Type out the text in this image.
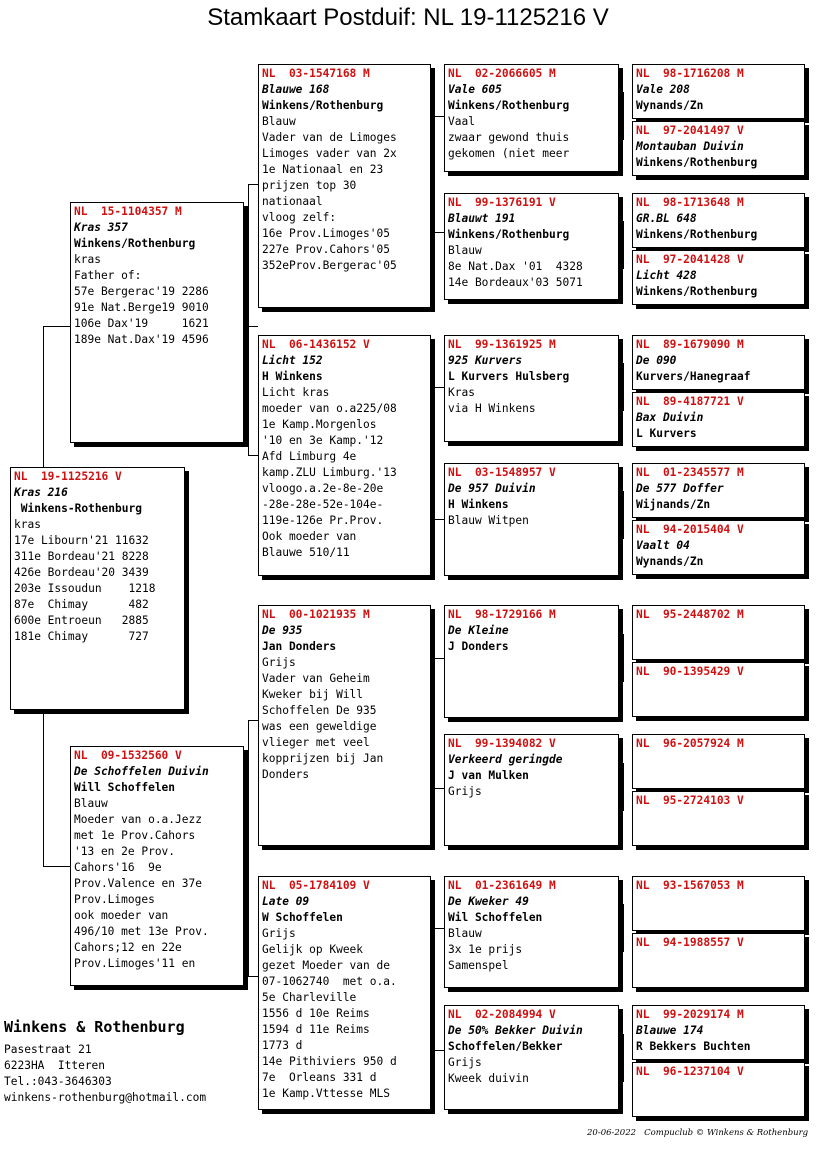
Stamkaart Postduif: NL 19-1125216 V
NL  19-1125216 V
Kras 216
Winkens-Rothenburg
kras
17e Libourn'21 11632
311e Bordeau'21 8228
426e Bordeau'20 3439
203e Issoudun    1218
87e  Chimay      482
600e Entroeun   2885
181e Chimay      727
NL  15-1104357 M
Kras 357
Winkens/Rothenburg
kras
Father of:
57e Bergerac'19 2286
91e Nat.Berge19 9010
106e Dax'19     1621
189e Nat.Dax'19 4596
NL  09-1532560 V
De Schoffelen Duivin
Will Schoffelen
Blauw
Moeder van o.a.Jezz
met 1e Prov.Cahors
'13 en 2e Prov.
Cahors'16  9e
Prov.Valence en 37e
Prov.Limoges
ook moeder van
496/10 met 13e Prov.
Cahors;12 en 22e
Prov.Limoges'11 en
NL  03-1547168 M
Blauwe 168
Winkens/Rothenburg
Blauw
Vader van de Limoges
Limoges vader van 2x
1e Nationaal en 23
prijzen top 30
nationaal
vloog zelf:
16e Prov.Limoges'05
227e Prov.Cahors'05
352eProv.Bergerac'05
NL  06-1436152 V
Licht 152
H Winkens
Licht kras
moeder van o.a225/08
1e Kamp.Morgenlos
'10 en 3e Kamp.'12
Afd Limburg 4e
kamp.ZLU Limburg.'13
vloogo.a.2e-8e-20e
-28e-28e-52e-104e-
119e-126e Pr.Prov.
Ook moeder van
Blauwe 510/11
NL  00-1021935 M
De 935
Jan Donders
Grijs
Vader van Geheim
Kweker bij Will
Schoffelen De 935
was een geweldige
vlieger met veel
kopprijzen bij Jan
Donders
NL  05-1784109 V
Late 09
W Schoffelen
Grijs
Gelijk op Kweek
gezet Moeder van de
07-1062740  met o.a.
5e Charleville
1556 d 10e Reims
1594 d 11e Reims
1773 d
14e Pithiviers 950 d
7e  Orleans 331 d
1e Kamp.Vttesse MLS
NL  02-2066605 M
Vale 605
Winkens/Rothenburg
Vaal
zwaar gewond thuis
gekomen (niet meer
NL  99-1376191 V
Blauwt 191
Winkens/Rothenburg
Blauw
8e Nat.Dax '01  4328
14e Bordeaux'03 5071
NL  99-1361925 M
925 Kurvers
L Kurvers Hulsberg
Kras
via H Winkens
NL  03-1548957 V
De 957 Duivin
H Winkens
Blauw Witpen
NL  98-1729166 M
De Kleine
J Donders
NL  99-1394082 V
Verkeerd geringde
J van Mulken
Grijs
NL  01-2361649 M
De Kweker 49
Wil Schoffelen
Blauw
3x 1e prijs
Samenspel
NL  02-2084994 V
De 50% Bekker Duivin
Schoffelen/Bekker
Grijs
Kweek duivin
NL  98-1716208 M
Vale 208
Wynands/Zn
NL  97-2041497 V
Montauban Duivin
Winkens/Rothenburg
NL  98-1713648 M
GR.BL 648
Winkens/Rothenburg
NL  97-2041428 V
Licht 428
Winkens/Rothenburg
NL  89-1679090 M
De 090
Kurvers/Hanegraaf
NL  89-4187721 V
Bax Duivin
L Kurvers
NL  01-2345577 M
De 577 Doffer
Wijnands/Zn
NL  94-2015404 V
Vaalt 04
Wynands/Zn
NL  95-2448702 M
NL  90-1395429 V
NL  96-2057924 M
NL  95-2724103 V
NL  93-1567053 M
NL  94-1988557 V
NL  99-2029174 M
Blauwe 174
R Bekkers Buchten
NL  96-1237104 V
Winkens & Rothenburg
Pasestraat 21
6223HA  Itteren
Tel.:043-3646303
winkens-rothenburg@hotmail.com
20-06-2022   Compuclub © Winkens & Rothenburg
